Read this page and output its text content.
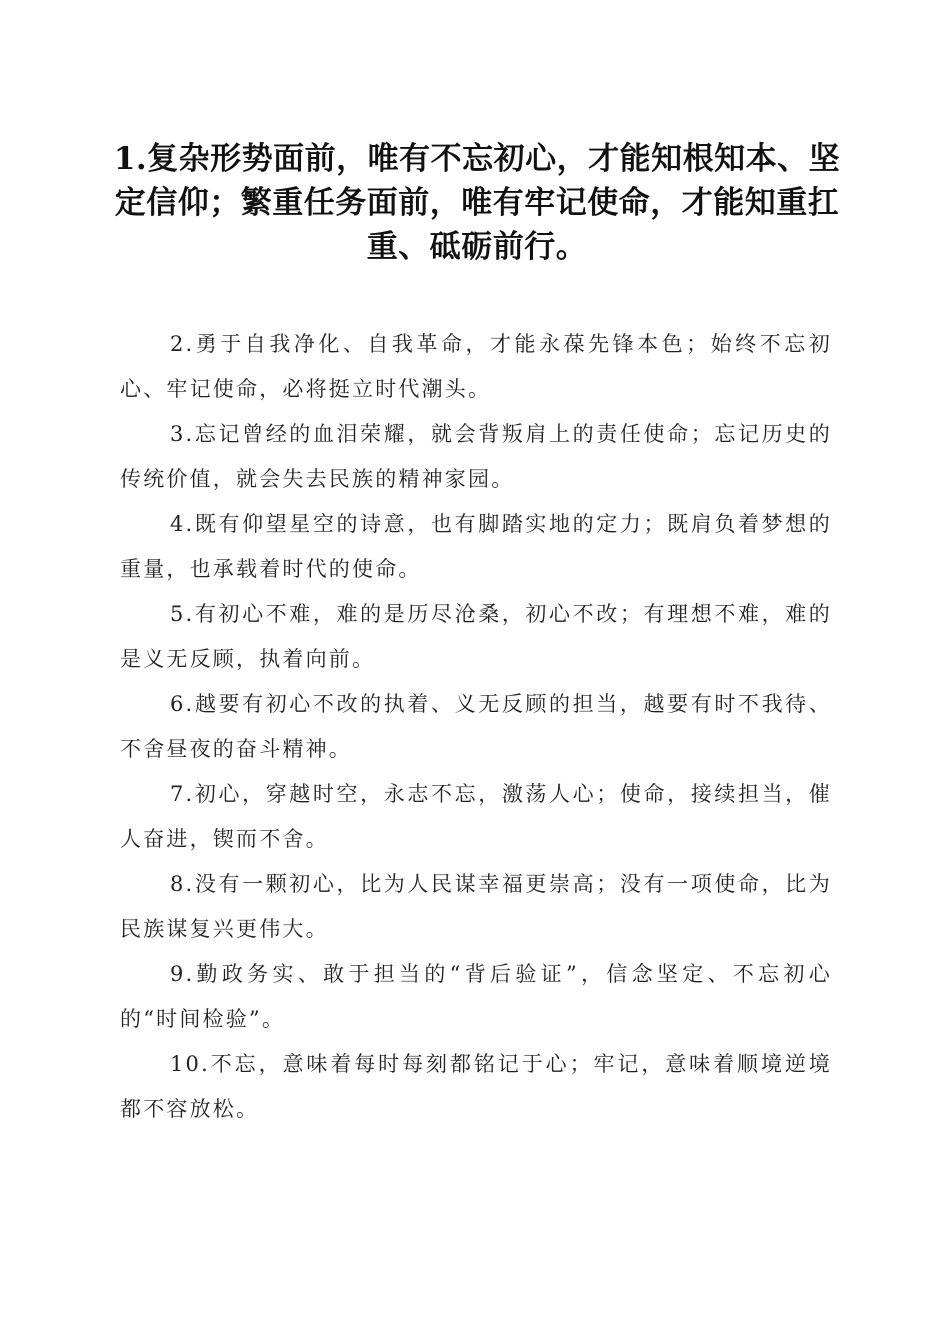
1.复杂形势面前，唯有不忘初心，才能知根知本、坚定信仰；繁重任务面前，唯有牢记使命，才能知重扛重、砥砺前行。

2.勇于自我净化、自我革命，才能永葆先锋本色；始终不忘初心、牢记使命，必将挺立时代潮头。

3.忘记曾经的血泪荣耀，就会背叛肩上的责任使命；忘记历史的传统价值，就会失去民族的精神家园。

4.既有仰望星空的诗意，也有脚踏实地的定力；既肩负着梦想的重量，也承载着时代的使命。

5.有初心不难，难的是历尽沧桑，初心不改；有理想不难，难的是义无反顾，执着向前。

6.越要有初心不改的执着、义无反顾的担当，越要有时不我待、不舍昼夜的奋斗精神。

7.初心，穿越时空，永志不忘，激荡人心；使命，接续担当，催人奋进，锲而不舍。

8.没有一颗初心，比为人民谋幸福更崇高；没有一项使命，比为民族谋复兴更伟大。

9.勤政务实、敢于担当的“背后验证”，信念坚定、不忘初心的“时间检验”。

10.不忘，意味着每时每刻都铭记于心；牢记，意味着顺境逆境都不容放松。
